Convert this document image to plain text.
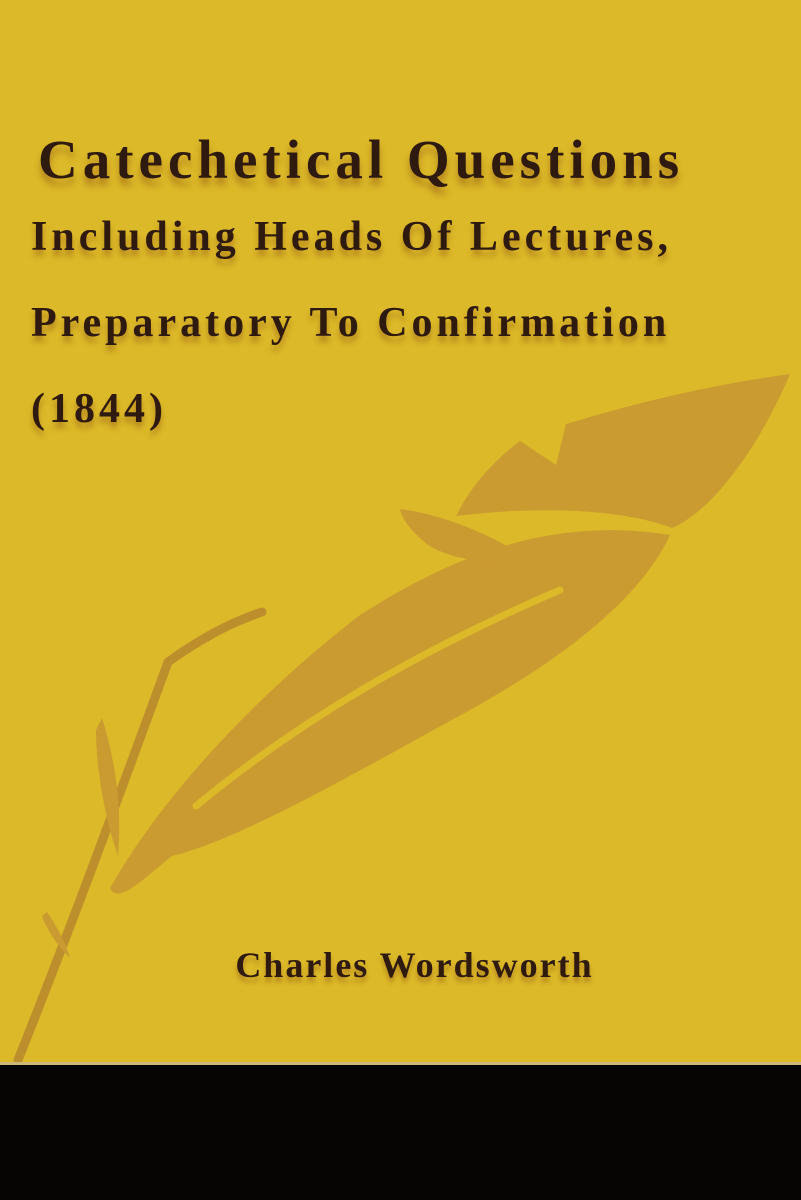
Catechetical Questions
Including Heads Of Lectures,
Preparatory To Confirmation
(1844)
Charles Wordsworth
